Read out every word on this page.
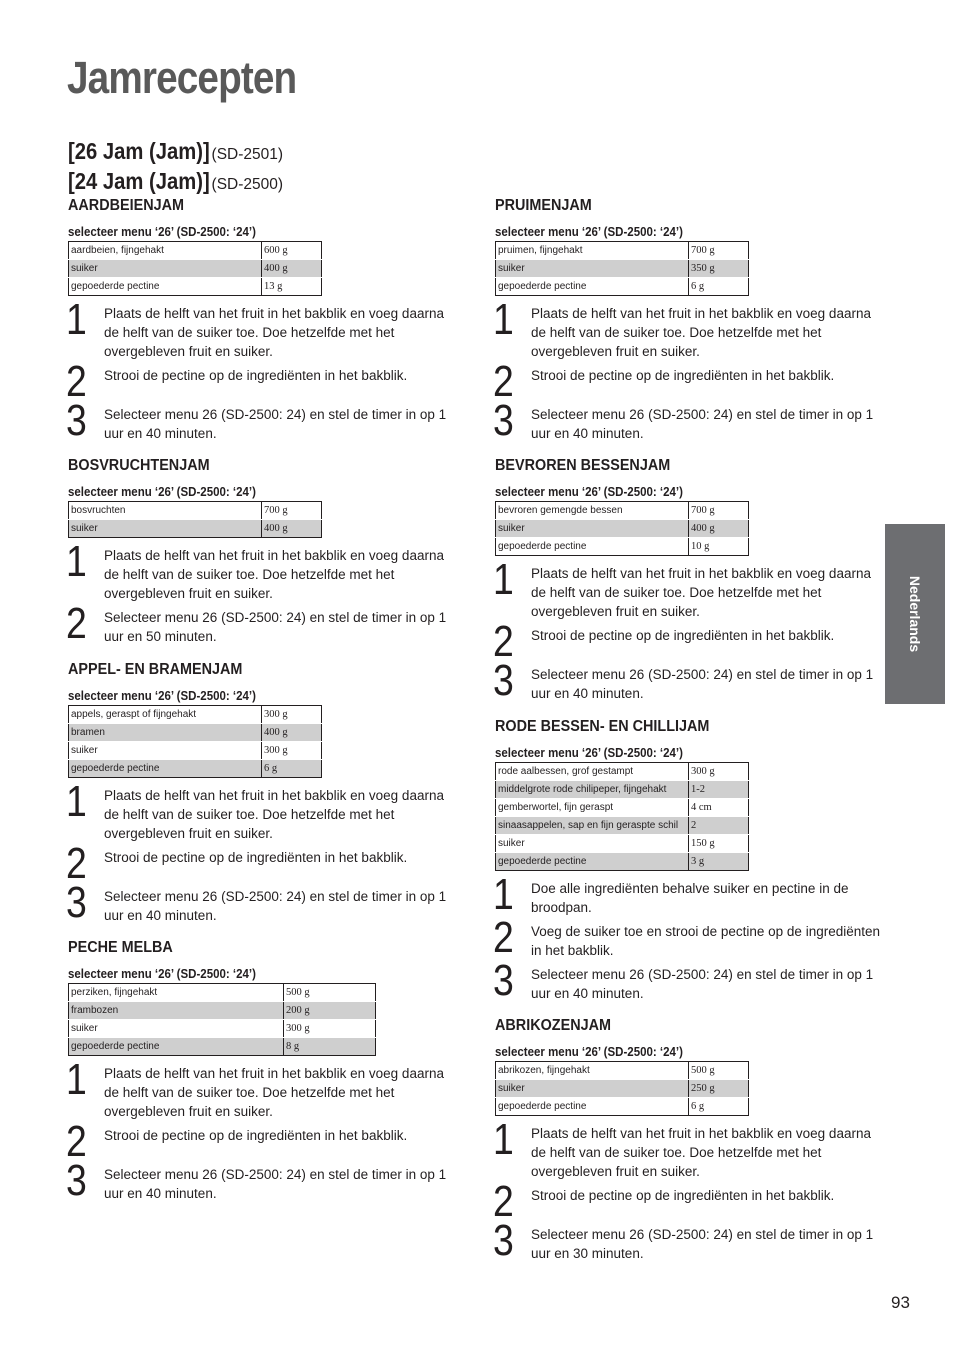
Jamrecepten
[26 Jam (Jam)] (SD-2501)
[24 Jam (Jam)] (SD-2500)
AARDBEIENJAM
selecteer menu ‘26’ (SD-2500: ‘24’)
aardbeien, fijngehakt	600 g
suiker	400 g
gepoederde pectine	13 g
1 Plaats de helft van het fruit in het bakblik en voeg daarna de helft van de suiker toe. Doe hetzelfde met het overgebleven fruit en suiker.
2 Strooi de pectine op de ingrediënten in het bakblik.
3 Selecteer menu 26 (SD-2500: 24) en stel de timer in op 1 uur en 40 minuten.
BOSVRUCHTENJAM
selecteer menu ‘26’ (SD-2500: ‘24’)
bosvruchten	700 g
suiker	400 g
1 Plaats de helft van het fruit in het bakblik en voeg daarna de helft van de suiker toe. Doe hetzelfde met het overgebleven fruit en suiker.
2 Selecteer menu 26 (SD-2500: 24) en stel de timer in op 1 uur en 50 minuten.
APPEL- EN BRAMENJAM
selecteer menu ‘26’ (SD-2500: ‘24’)
appels, geraspt of fijngehakt	300 g
bramen	400 g
suiker	300 g
gepoederde pectine	6 g
1 Plaats de helft van het fruit in het bakblik en voeg daarna de helft van de suiker toe. Doe hetzelfde met het overgebleven fruit en suiker.
2 Strooi de pectine op de ingrediënten in het bakblik.
3 Selecteer menu 26 (SD-2500: 24) en stel de timer in op 1 uur en 40 minuten.
PECHE MELBA
selecteer menu ‘26’ (SD-2500: ‘24’)
perziken, fijngehakt	500 g
frambozen	200 g
suiker	300 g
gepoederde pectine	8 g
1 Plaats de helft van het fruit in het bakblik en voeg daarna de helft van de suiker toe. Doe hetzelfde met het overgebleven fruit en suiker.
2 Strooi de pectine op de ingrediënten in het bakblik.
3 Selecteer menu 26 (SD-2500: 24) en stel de timer in op 1 uur en 40 minuten.
PRUIMENJAM
selecteer menu ‘26’ (SD-2500: ‘24’)
pruimen, fijngehakt	700 g
suiker	350 g
gepoederde pectine	6 g
1 Plaats de helft van het fruit in het bakblik en voeg daarna de helft van de suiker toe. Doe hetzelfde met het overgebleven fruit en suiker.
2 Strooi de pectine op de ingrediënten in het bakblik.
3 Selecteer menu 26 (SD-2500: 24) en stel de timer in op 1 uur en 40 minuten.
BEVROREN BESSENJAM
selecteer menu ‘26’ (SD-2500: ‘24’)
bevroren gemengde bessen	700 g
suiker	400 g
gepoederde pectine	10 g
1 Plaats de helft van het fruit in het bakblik en voeg daarna de helft van de suiker toe. Doe hetzelfde met het overgebleven fruit en suiker.
2 Strooi de pectine op de ingrediënten in het bakblik.
3 Selecteer menu 26 (SD-2500: 24) en stel de timer in op 1 uur en 40 minuten.
RODE BESSEN- EN CHILLIJAM
selecteer menu ‘26’ (SD-2500: ‘24’)
rode aalbessen, grof gestampt	300 g
middelgrote rode chilipeper, fijngehakt	1-2
gemberwortel, fijn geraspt	4 cm
sinaasappelen, sap en fijn geraspte schil	2
suiker	150 g
gepoederde pectine	3 g
1 Doe alle ingrediënten behalve suiker en pectine in de broodpan.
2 Voeg de suiker toe en strooi de pectine op de ingrediënten in het bakblik.
3 Selecteer menu 26 (SD-2500: 24) en stel de timer in op 1 uur en 40 minuten.
ABRIKOZENJAM
selecteer menu ‘26’ (SD-2500: ‘24’)
abrikozen, fijngehakt	500 g
suiker	250 g
gepoederde pectine	6 g
1 Plaats de helft van het fruit in het bakblik en voeg daarna de helft van de suiker toe. Doe hetzelfde met het overgebleven fruit en suiker.
2 Strooi de pectine op de ingrediënten in het bakblik.
3 Selecteer menu 26 (SD-2500: 24) en stel de timer in op 1 uur en 30 minuten.
Nederlands
93
